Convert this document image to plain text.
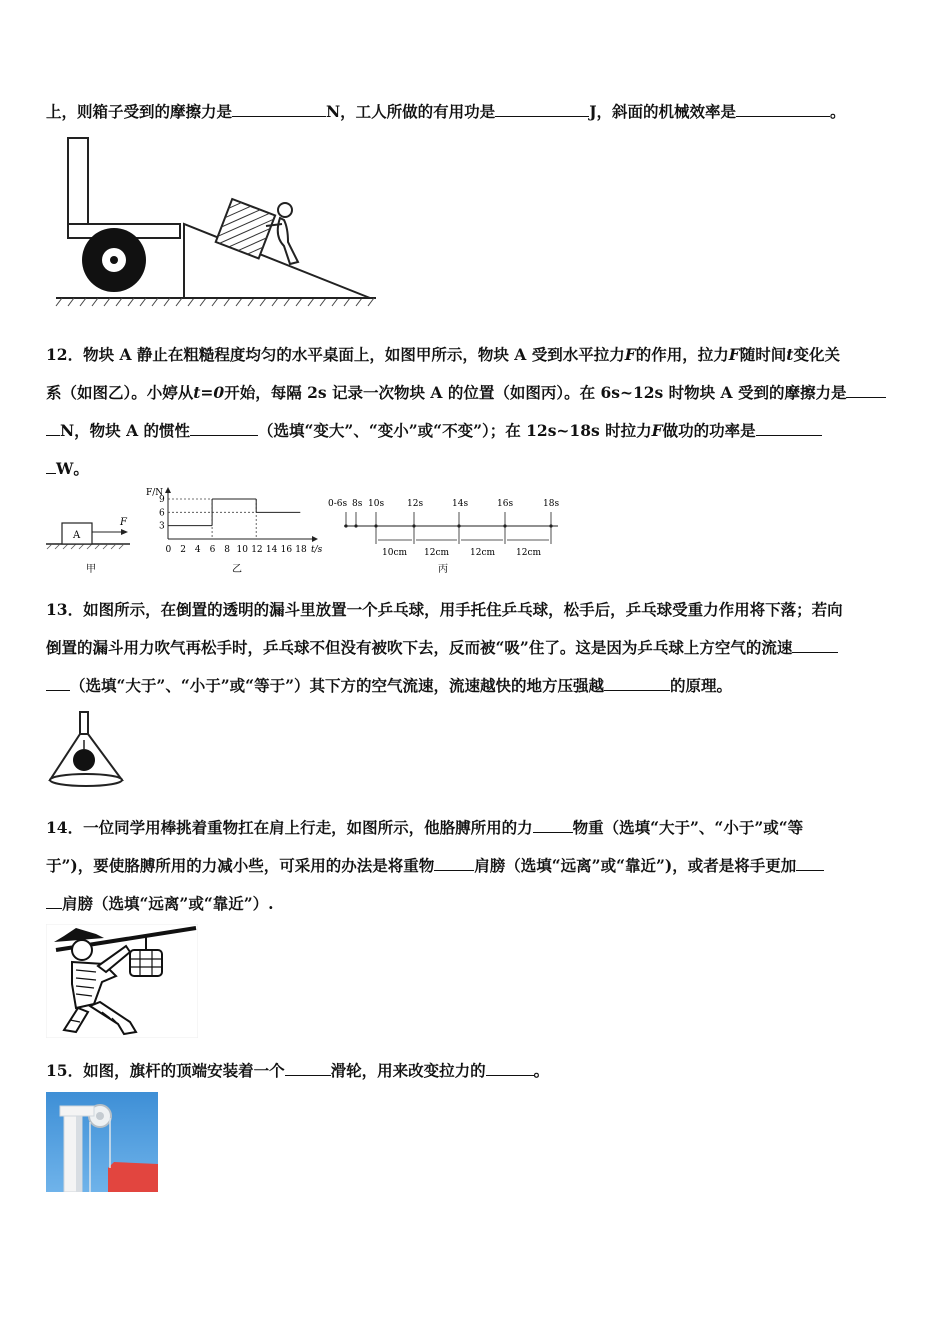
上，则箱子受到的摩擦力是	N，工人所做的有用功是	J，斜面的机械效率是	。
12．物块 A 静止在粗糙程度均匀的水平桌面上，如图甲所示，物块 A 受到水平拉力F的作用，拉力F随时间t变化关
系（如图乙）。小婷从t=0开始，每隔 2s 记录一次物块 A 的位置（如图丙）。在 6s~12s 时物块 A 受到的摩擦力是
N，物块 A 的惯性	（选填“变大”、“变小”或“不变”）；在 12s~18s 时拉力F做功的功率是
W。
A
F
甲
F/N
乙
9
6
3
0 2 4 6 8 10 12 14 16 18 t/s
0-6s 8s 10s	12s	14s	16s	18s
10cm 12cm 12cm 12cm
丙
13．如图所示，在倒置的透明的漏斗里放置一个乒乓球，用手托住乒乓球，松手后，乒乓球受重力作用将下落；若向
倒置的漏斗用力吹气再松手时，乒乓球不但没有被吹下去，反而被“吸”住了。这是因为乒乓球上方空气的流速
（选填“大于”、“小于”或“等于”）其下方的空气流速，流速越快的地方压强越	的原理。
14．一位同学用棒挑着重物扛在肩上行走，如图所示，他胳膊所用的力	物重（选填“大于”、“小于”或“等
于”)，要使胳膊所用的力减小些，可采用的办法是将重物	肩膀（选填“远离”或“靠近”)，或者是将手更加
肩膀（选填“远离”或“靠近”）.
15．如图，旗杆的顶端安装着一个	滑轮，用来改变拉力的	。
